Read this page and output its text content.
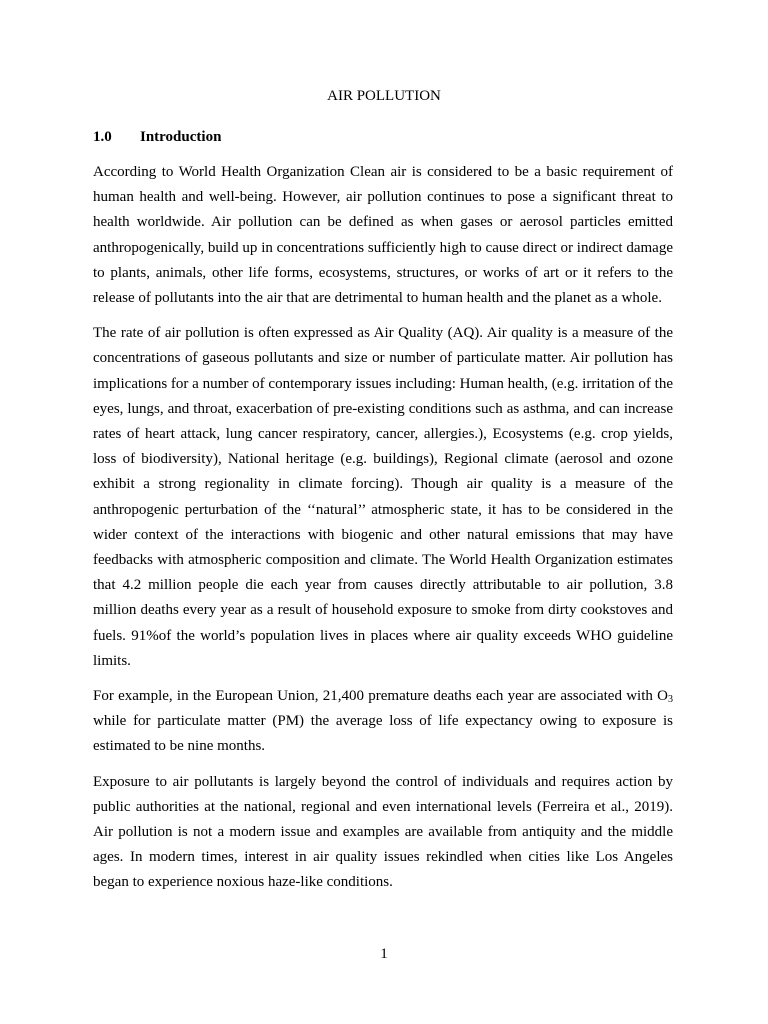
AIR POLLUTION
1.0 Introduction

According to World Health Organization Clean air is considered to be a basic requirement of human health and well-being. However, air pollution continues to pose a significant threat to health worldwide. Air pollution can be defined as when gases or aerosol particles emitted anthropogenically, build up in concentrations sufficiently high to cause direct or indirect damage to plants, animals, other life forms, ecosystems, structures, or works of art or it refers to the release of pollutants into the air that are detrimental to human health and the planet as a whole.

The rate of air pollution is often expressed as Air Quality (AQ). Air quality is a measure of the concentrations of gaseous pollutants and size or number of particulate matter. Air pollution has implications for a number of contemporary issues including: Human health, (e.g. irritation of the eyes, lungs, and throat, exacerbation of pre-existing conditions such as asthma, and can increase rates of heart attack, lung cancer respiratory, cancer, allergies.), Ecosystems (e.g. crop yields, loss of biodiversity), National heritage (e.g. buildings), Regional climate (aerosol and ozone exhibit a strong regionality in climate forcing). Though air quality is a measure of the anthropogenic perturbation of the ‘‘natural’’ atmospheric state, it has to be considered in the wider context of the interactions with biogenic and other natural emissions that may have feedbacks with atmospheric composition and climate. The World Health Organization estimates that 4.2 million people die each year from causes directly attributable to air pollution, 3.8 million deaths every year as a result of household exposure to smoke from dirty cookstoves and fuels. 91%of the world’s population lives in places where air quality exceeds WHO guideline limits.

For example, in the European Union, 21,400 premature deaths each year are associated with $O_3$ while for particulate matter (PM) the average loss of life expectancy owing to exposure is estimated to be nine months.

Exposure to air pollutants is largely beyond the control of individuals and requires action by public authorities at the national, regional and even international levels (Ferreira et al., 2019). Air pollution is not a modern issue and examples are available from antiquity and the middle ages. In modern times, interest in air quality issues rekindled when cities like Los Angeles began to experience noxious haze-like conditions.

1
